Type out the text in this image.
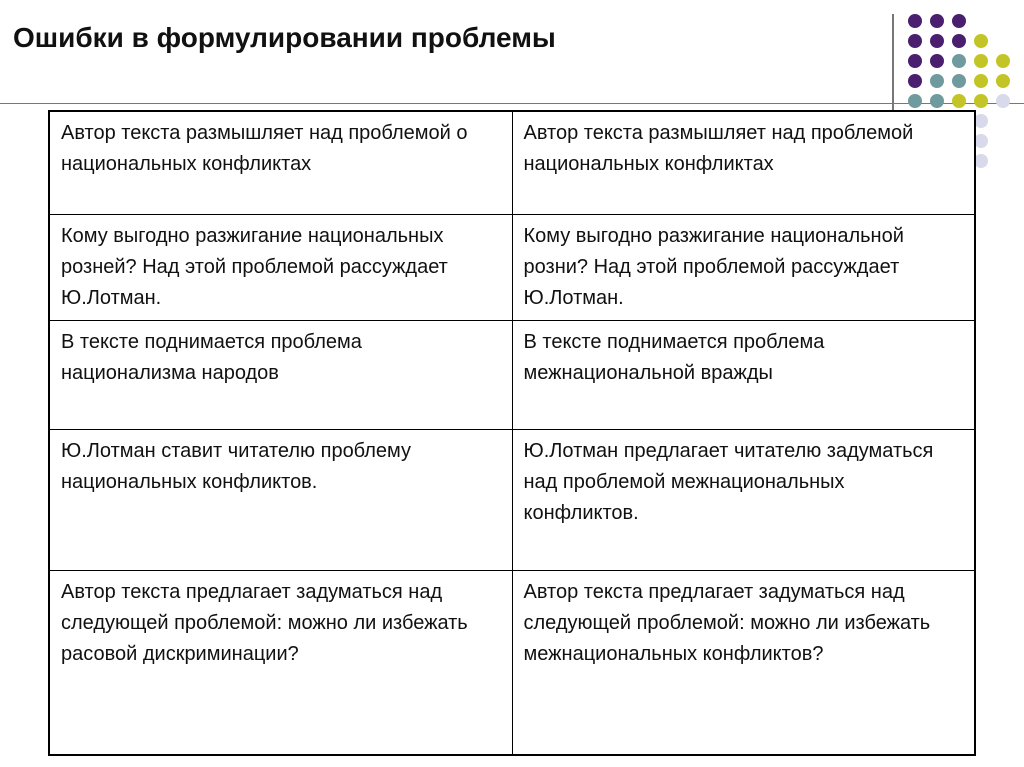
Ошибки в формулировании проблемы
Автор текста размышляет над проблемой о национальных конфликтах	Автор текста размышляет над проблемой национальных конфликтах
Кому выгодно разжигание национальных розней? Над этой проблемой рассуждает Ю.Лотман.	Кому выгодно разжигание национальной розни? Над этой проблемой рассуждает Ю.Лотман.
В тексте поднимается проблема национализма народов	В тексте поднимается проблема межнациональной вражды
Ю.Лотман ставит читателю проблему национальных конфликтов.	Ю.Лотман предлагает читателю задуматься над проблемой межнациональных конфликтов.
Автор текста предлагает задуматься над следующей проблемой: можно ли избежать расовой дискриминации?	Автор текста предлагает задуматься над следующей проблемой: можно ли избежать межнациональных конфликтов?
